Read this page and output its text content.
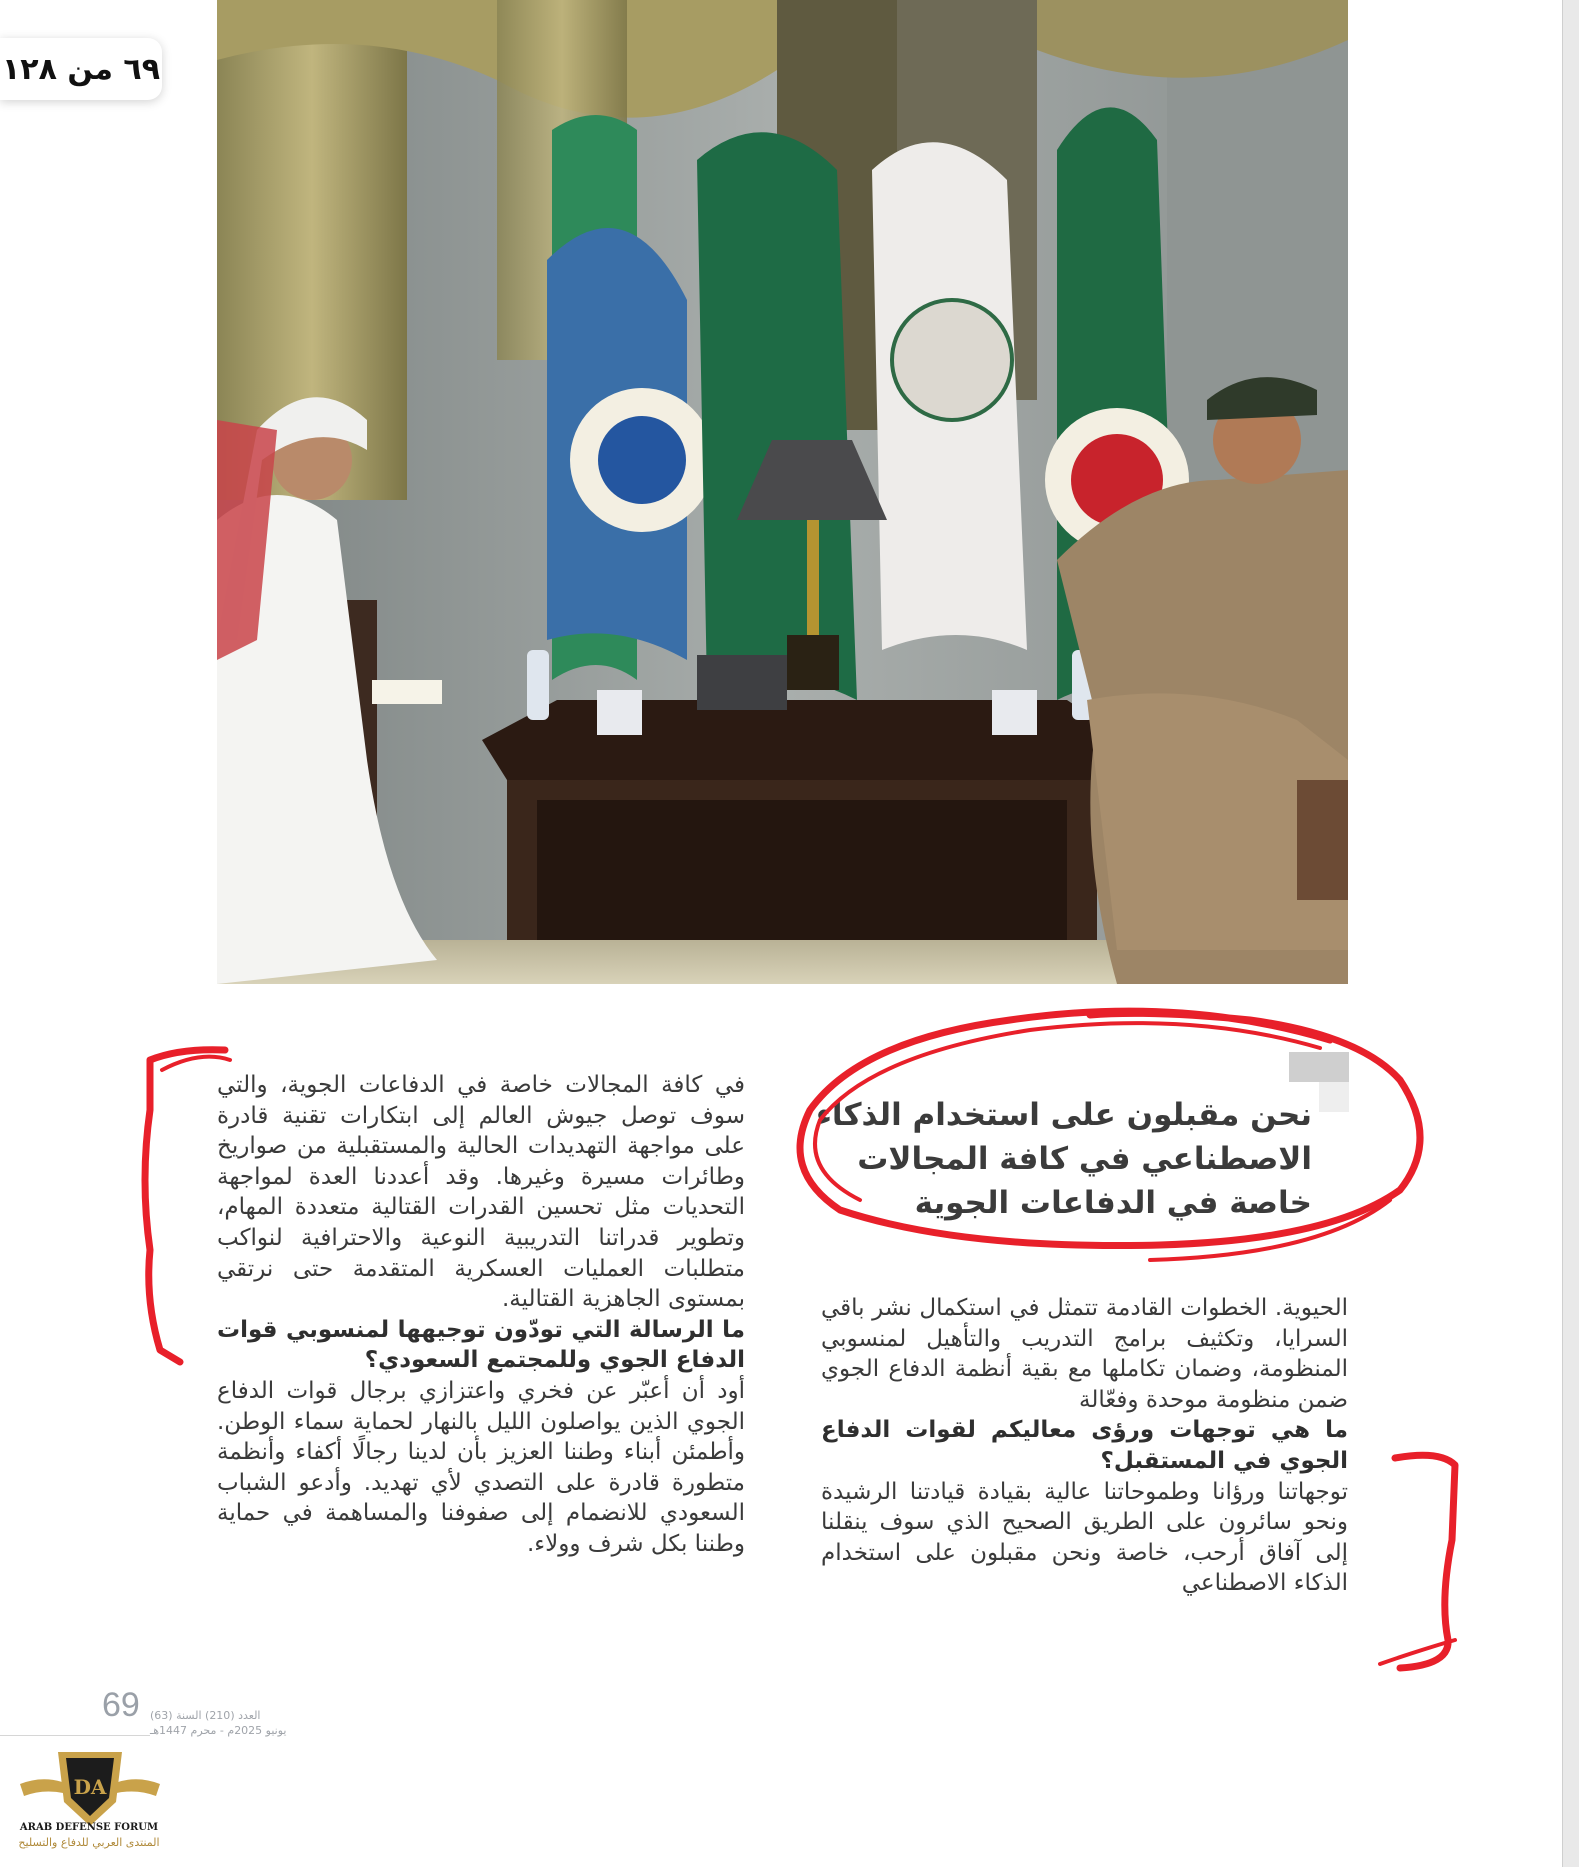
٦٩ من ١٢٨
نحن مقبلون على استخدام الذكاء الاصطناعي في كافة المجالات خاصة في الدفاعات الجوية

الحيوية. الخطوات القادمة تتمثل في استكمال نشر باقي السرايا، وتكثيف برامج التدريب والتأهيل لمنسوبي المنظومة، وضمان تكاملها مع بقية أنظمة الدفاع الجوي ضمن منظومة موحدة وفعّالة

ما هي توجهات ورؤى معاليكم لقوات الدفاع الجوي في المستقبل؟

توجهاتنا ورؤانا وطموحاتنا عالية بقيادة قيادتنا الرشيدة ونحو سائرون على الطريق الصحيح الذي سوف ينقلنا إلى آفاق أرحب، خاصة ونحن مقبلون على استخدام الذكاء الاصطناعي

في كافة المجالات خاصة في الدفاعات الجوية، والتي سوف توصل جيوش العالم إلى ابتكارات تقنية قادرة على مواجهة التهديدات الحالية والمستقبلية من صواريخ وطائرات مسيرة وغيرها. وقد أعددنا العدة لمواجهة التحديات مثل تحسين القدرات القتالية متعددة المهام، وتطوير قدراتنا التدريبية النوعية والاحترافية لنواكب متطلبات العمليات العسكرية المتقدمة حتى نرتقي بمستوى الجاهزية القتالية.

ما الرسالة التي تودّون توجيهها لمنسوبي قوات الدفاع الجوي وللمجتمع السعودي؟

أود أن أعبّر عن فخري واعتزازي برجال قوات الدفاع الجوي الذين يواصلون الليل بالنهار لحماية سماء الوطن. وأطمئن أبناء وطننا العزيز بأن لدينا رجالًا أكفاء وأنظمة متطورة قادرة على التصدي لأي تهديد. وأدعو الشباب السعودي للانضمام إلى صفوفنا والمساهمة في حماية وطننا بكل شرف وولاء.

69 العدد (210) السنة (63)
يونيو 2025م - محرم 1447هـ
DA
ARAB DEFENSE FORUM
المنتدى العربي للدفاع والتسليح
